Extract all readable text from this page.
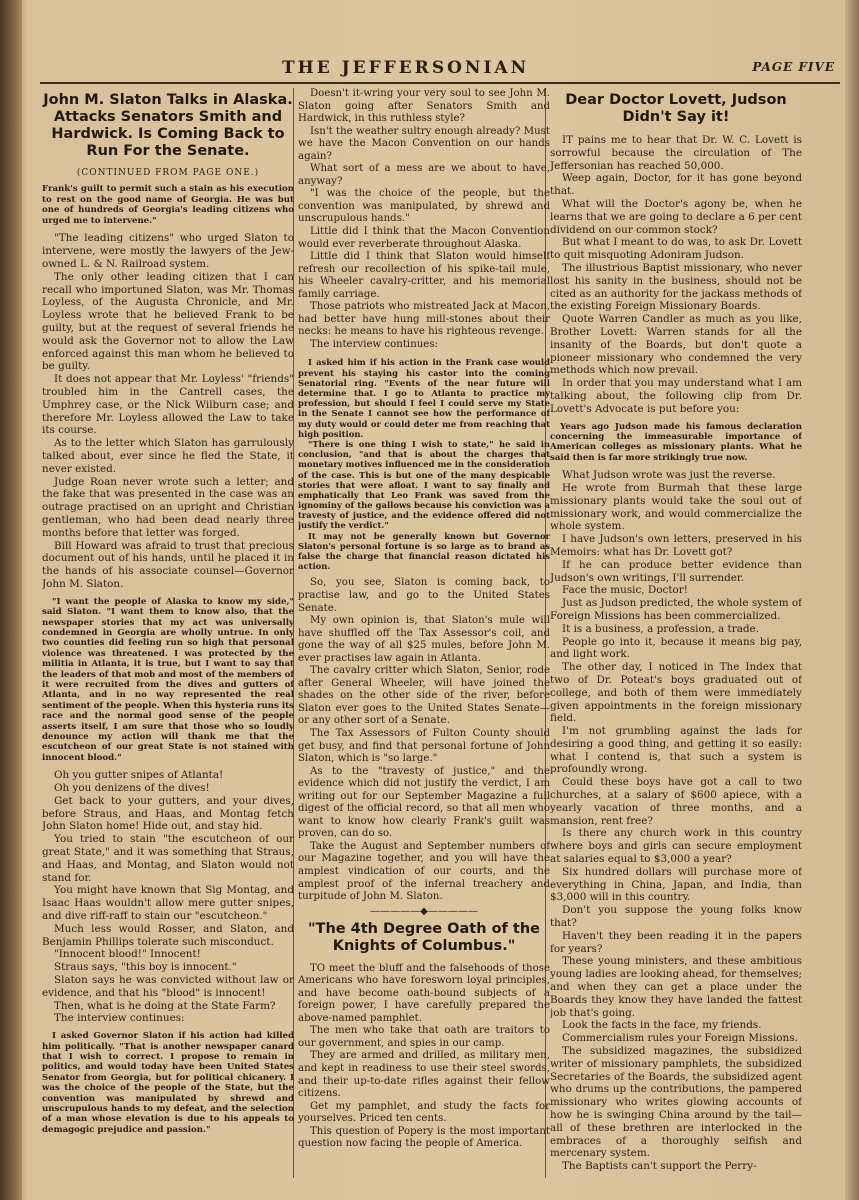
THE JEFFERSONIAN	PAGE FIVE
John M. Slaton Talks in Alaska. Attacks Senators Smith and Hardwick. Is Coming Back to Run For the Senate.
(CONTINUED FROM PAGE ONE.)
Frank's guilt to permit such a stain as his execution to rest on the good name of Georgia. He was but one of hundreds of Georgia's leading citizens who urged me to intervene."

"The leading citizens" who urged Slaton to intervene, were mostly the lawyers of the Jew-owned L. & N. Railroad system.

The only other leading citizen that I can recall who importuned Slaton, was Mr. Thomas Loyless, of the Augusta Chronicle, and Mr. Loyless wrote that he believed Frank to be guilty, but at the request of several friends he would ask the Governor not to allow the Law enforced against this man whom he believed to be guilty.

It does not appear that Mr. Loyless' "friends" troubled him in the Cantrell cases, the Umphrey case, or the Nick Wilburn case; and therefore Mr. Loyless allowed the Law to take its course.

As to the letter which Slaton has garrulously talked about, ever since he fled the State, it never existed.

Judge Roan never wrote such a letter; and the fake that was presented in the case was an outrage practised on an upright and Christian gentleman, who had been dead nearly three months before that letter was forged.

Bill Howard was afraid to trust that precious document out of his hands, until he placed it in the hands of his associate counsel—Governor John M. Slaton.

"I want the people of Alaska to know my side," said Slaton. "I want them to know also, that the newspaper stories that my act was universally condemned in Georgia are wholly untrue. In only two counties did feeling run so high that personal violence was threatened. I was protected by the militia in Atlanta, it is true, but I want to say that the leaders of that mob and most of the members of it were recruited from the dives and gutters of Atlanta, and in no way represented the real sentiment of the people. When this hysteria runs its race and the normal good sense of the people asserts itself, I am sure that those who so loudly denounce my action will thank me that the escutcheon of our great State is not stained with innocent blood."

Oh you gutter snipes of Atlanta!

Oh you denizens of the dives!

Get back to your gutters, and your dives, before Straus, and Haas, and Montag fetch John Slaton home! Hide out, and stay hid.

You tried to stain "the escutcheon of our great State," and it was something that Straus, and Haas, and Montag, and Slaton would not stand for.

You might have known that Sig Montag, and Isaac Haas wouldn't allow mere gutter snipes, and dive riff-raff to stain our "escutcheon."

Much less would Rosser, and Slaton, and Benjamin Phillips tolerate such misconduct.

"Innocent blood!" Innocent!

Straus says, "this boy is innocent."

Slaton says he was convicted without law or evidence, and that his "blood" is innocent!

Then, what is he doing at the State Farm?

The interview continues:

I asked Governor Slaton if his action had killed him politically. "That is another newspaper canard that I wish to correct. I propose to remain in politics, and would today have been United States Senator from Georgia, but for political chicanery. I was the choice of the people of the State, but the convention was manipulated by shrewd and unscrupulous hands to my defeat, and the selection of a man whose elevation is due to his appeals to demagogic prejudice and passion."

Doesn't it-wring your very soul to see John M. Slaton going after Senators Smith and Hardwick, in this ruthless style?

Isn't the weather sultry enough already? Must we have the Macon Convention on our hands again?

What sort of a mess are we about to have, anyway?

"I was the choice of the people, but the convention was manipulated, by shrewd and unscrupulous hands."

Little did I think that the Macon Convention would ever reverberate throughout Alaska.

Little did I think that Slaton would himself refresh our recollection of his spike-tail mule, his Wheeler cavalry-critter, and his memorial family carriage.

Those patriots who mistreated Jack at Macon, had better have hung mill-stones about their necks: he means to have his righteous revenge.

The interview continues:

I asked him if his action in the Frank case would prevent his staying his castor into the coming Senatorial ring. "Events of the near future will determine that. I go to Atlanta to practice my profession, but should I feel I could serve my State in the Senate I cannot see how the performance of my duty would or could deter me from reaching that high position.

"There is one thing I wish to state," he said in conclusion, "and that is about the charges that monetary motives influenced me in the consideration of the case. This is but one of the many despicable stories that were afloat. I want to say finally and emphatically that Leo Frank was saved from the ignominy of the gallows because his conviction was a travesty of justice, and the evidence offered did not justify the verdict."

It may not be generally known but Governor Slaton's personal fortune is so large as to brand as false the charge that financial reason dictated his action.

So, you see, Slaton is coming back, to practise law, and go to the United States Senate.

My own opinion is, that Slaton's mule will have shuffled off the Tax Assessor's coil, and gone the way of all $25 mules, before John M. ever practises law again in Atlanta.

The cavalry critter which Slaton, Senior, rode after General Wheeler, will have joined the shades on the other side of the river, before Slaton ever goes to the United States Senate—or any other sort of a Senate.

The Tax Assessors of Fulton County should get busy, and find that personal fortune of John Slaton, which is "so large."

As to the "travesty of justice," and the evidence which did not justify the verdict, I am writing out for our September Magazine a full digest of the official record, so that all men who want to know how clearly Frank's guilt was proven, can do so.

Take the August and September numbers of our Magazine together, and you will have the amplest vindication of our courts, and the amplest proof of the infernal treachery and turpitude of John M. Slaton.

—————◆—————
"The 4th Degree Oath of the Knights of Columbus."

TO meet the bluff and the falsehoods of those Americans who have foresworn loyal principles, and have become oath-bound subjects of a foreign power, I have carefully prepared the above-named pamphlet.

The men who take that oath are traitors to our government, and spies in our camp.

They are armed and drilled, as military men, and kept in readiness to use their steel swords, and their up-to-date rifles against their fellow citizens.

Get my pamphlet, and study the facts for yourselves. Priced ten cents.

This question of Popery is the most important question now facing the people of America.

Dear Doctor Lovett, Judson Didn't Say it!

IT pains me to hear that Dr. W. C. Lovett is sorrowful because the circulation of The Jeffersonian has reached 50,000.

Weep again, Doctor, for it has gone beyond that.

What will the Doctor's agony be, when he learns that we are going to declare a 6 per cent dividend on our common stock?

But what I meant to do was, to ask Dr. Lovett to quit misquoting Adoniram Judson.

The illustrious Baptist missionary, who never lost his sanity in the business, should not be cited as an authority for the jackass methods of the existing Foreign Missionary Boards.

Quote Warren Candler as much as you like, Brother Lovett: Warren stands for all the insanity of the Boards, but don't quote a pioneer missionary who condemned the very methods which now prevail.

In order that you may understand what I am talking about, the following clip from Dr. Lovett's Advocate is put before you:

Years ago Judson made his famous declaration concerning the immeasurable importance of American colleges as missionary plants. What he said then is far more strikingly true now.

What Judson wrote was just the reverse.

He wrote from Burmah that these large missionary plants would take the soul out of missionary work, and would commercialize the whole system.

I have Judson's own letters, preserved in his Memoirs: what has Dr. Lovett got?

If he can produce better evidence than Judson's own writings, I'll surrender.

Face the music, Doctor!

Just as Judson predicted, the whole system of Foreign Missions has been commercialized.

It is a business, a profession, a trade.

People go into it, because it means big pay, and light work.

The other day, I noticed in The Index that two of Dr. Poteat's boys graduated out of college, and both of them were immediately given appointments in the foreign missionary field.

I'm not grumbling against the lads for desiring a good thing, and getting it so easily: what I contend is, that such a system is profoundly wrong.

Could these boys have got a call to two churches, at a salary of $600 apiece, with a yearly vacation of three months, and a mansion, rent free?

Is there any church work in this country where boys and girls can secure employment at salaries equal to $3,000 a year?

Six hundred dollars will purchase more of everything in China, Japan, and India, than $3,000 will in this country.

Don't you suppose the young folks know that?

Haven't they been reading it in the papers for years?

These young ministers, and these ambitious young ladies are looking ahead, for themselves; and when they can get a place under the Boards they know they have landed the fattest job that's going.

Look the facts in the face, my friends.

Commercialism rules your Foreign Missions.

The subsidized magazines, the subsidized writer of missionary pamphlets, the subsidized Secretaries of the Boards, the subsidized agent who drums up the contributions, the pampered missionary who writes glowing accounts of how he is swinging China around by the tail—all of these brethren are interlocked in the embraces of a thoroughly selfish and mercenary system.

The Baptists can't support the Perry-
